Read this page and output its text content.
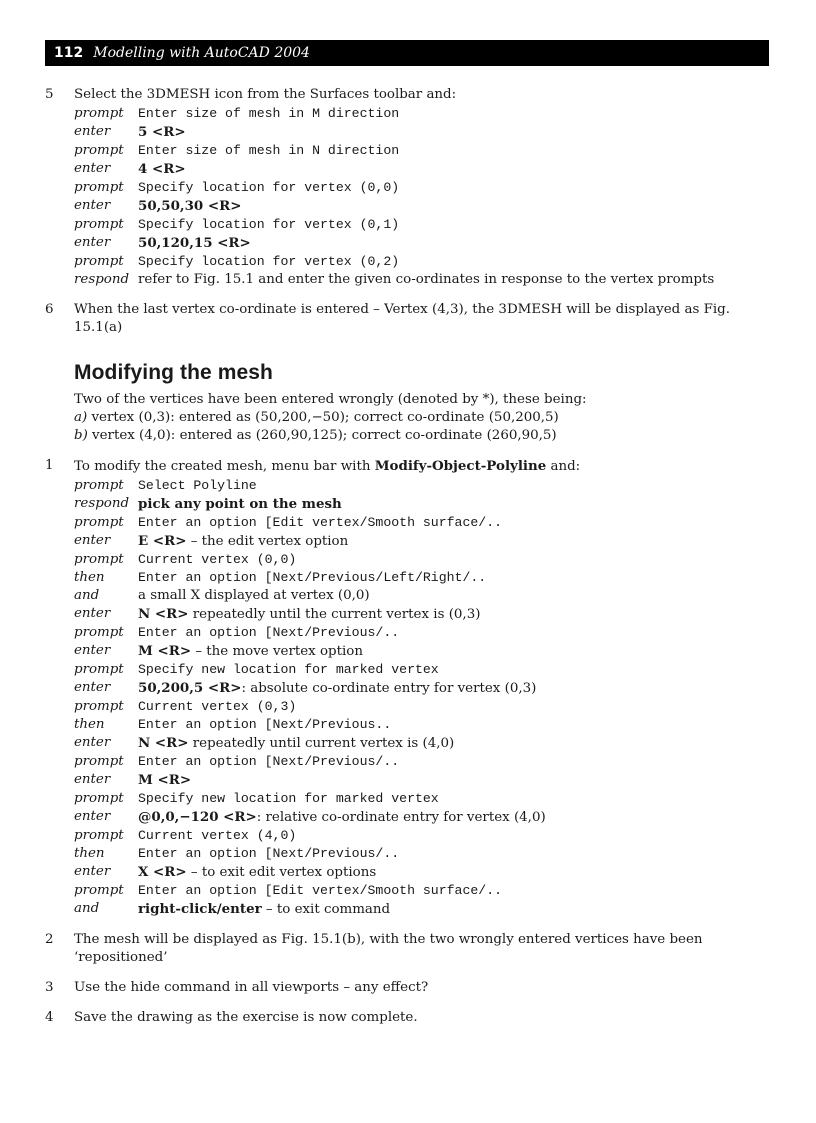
112 Modelling with AutoCAD 2004
5	Select the 3DMESH icon from the Surfaces toolbar and:
prompt	Enter size of mesh in M direction
enter	5 <R>
prompt	Enter size of mesh in N direction
enter	4 <R>
prompt	Specify location for vertex (0,0)
enter	50,50,30 <R>
prompt	Specify location for vertex (0,1)
enter	50,120,15 <R>
prompt	Specify location for vertex (0,2)
respond refer to Fig. 15.1 and enter the given co-ordinates in response to the vertex prompts
6	When the last vertex co-ordinate is entered – Vertex (4,3), the 3DMESH will be displayed as Fig. 15.1(a)
Modifying the mesh
Two of the vertices have been entered wrongly (denoted by *), these being:
a) vertex (0,3): entered as (50,200,−50); correct co-ordinate (50,200,5)
b) vertex (4,0): entered as (260,90,125); correct co-ordinate (260,90,5)
1	To modify the created mesh, menu bar with Modify-Object-Polyline and:
prompt	Select Polyline
respond pick any point on the mesh
prompt	Enter an option [Edit vertex/Smooth surface/..
enter	E <R> – the edit vertex option
prompt	Current vertex (0,0)
then	Enter an option [Next/Previous/Left/Right/..
and	a small X displayed at vertex (0,0)
enter	N <R> repeatedly until the current vertex is (0,3)
prompt	Enter an option [Next/Previous/..
enter	M <R> – the move vertex option
prompt	Specify new location for marked vertex
enter	50,200,5 <R>: absolute co-ordinate entry for vertex (0,3)
prompt	Current vertex (0,3)
then	Enter an option [Next/Previous..
enter	N <R> repeatedly until current vertex is (4,0)
prompt	Enter an option [Next/Previous/..
enter	M <R>
prompt	Specify new location for marked vertex
enter	@0,0,−120 <R>: relative co-ordinate entry for vertex (4,0)
prompt	Current vertex (4,0)
then	Enter an option [Next/Previous/..
enter	X <R> – to exit edit vertex options
prompt	Enter an option [Edit vertex/Smooth surface/..
and	right-click/enter – to exit command
2	The mesh will be displayed as Fig. 15.1(b), with the two wrongly entered vertices have been ‘repositioned’
3	Use the hide command in all viewports – any effect?
4	Save the drawing as the exercise is now complete.
